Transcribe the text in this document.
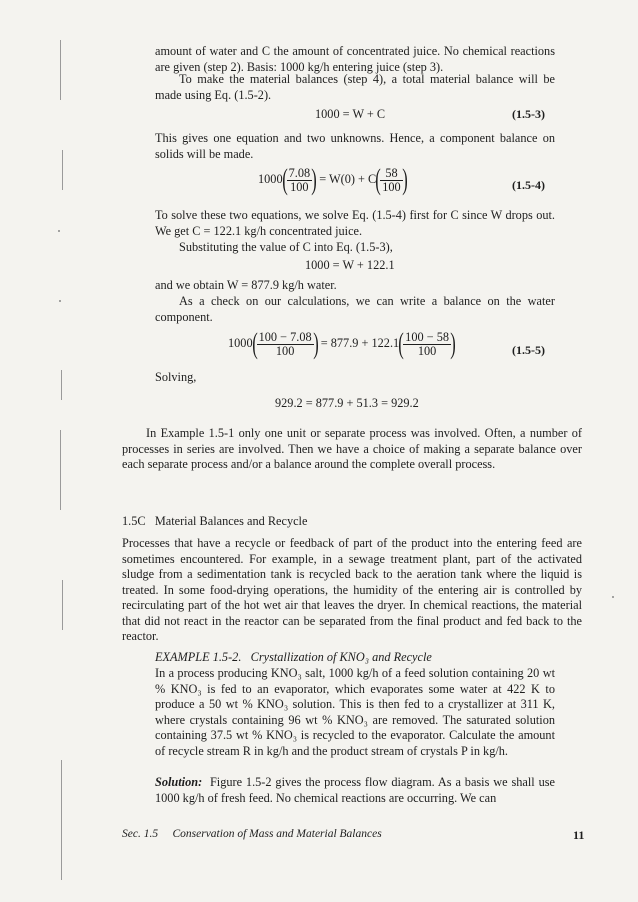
amount of water and C the amount of concentrated juice. No chemical reactions are given (step 2). Basis: 1000 kg/h entering juice (step 3).

To make the material balances (step 4), a total material balance will be made using Eq. (1.5-2).

1000 = W + C	(1.5-3)

This gives one equation and two unknowns. Hence, a component balance on solids will be made.

$1000( \frac{7.08}{100}$ ) = $W(0) + C( \frac{58}{100}$ )	(1.5-4)

To solve these two equations, we solve Eq. (1.5-4) first for C since W drops out. We get C = 122.1 kg/h concentrated juice.

Substituting the value of C into Eq. (1.5-3),

1000 = W + 122.1

and we obtain W = 877.9 kg/h water.

As a check on our calculations, we can write a balance on the water component.

$1000( \frac{100 - 7.08}{100}$ ) = $877.9 + 122.1( \frac{100 - 58}{100}$ )	(1.5-5)
Solving,
929.2 = 877.9 + 51.3 = 929.2

In Example 1.5-1 only one unit or separate process was involved. Often, a number of processes in series are involved. Then we have a choice of making a separate balance over each separate process and/or a balance around the complete overall process.

1.5C Material Balances and Recycle

Processes that have a recycle or feedback of part of the product into the entering feed are sometimes encountered. For example, in a sewage treatment plant, part of the activated sludge from a sedimentation tank is recycled back to the aeration tank where the liquid is treated. In some food-drying operations, the humidity of the entering air is controlled by recirculating part of the hot wet air that leaves the dryer. In chemical reactions, the material that did not react in the reactor can be separated from the final product and fed back to the reactor.

EXAMPLE 1.5-2. Crystallization of KNO₃ and Recycle

In a process producing KNO₃ salt, 1000 kg/h of a feed solution containing 20 wt % KNO₃ is fed to an evaporator, which evaporates some water at 422 K to produce a 50 wt % KNO₃ solution. This is then fed to a crystallizer at 311 K, where crystals containing 96 wt % KNO₃ are removed. The saturated solution containing 37.5 wt % KNO₃ is recycled to the evaporator. Calculate the amount of recycle stream R in kg/h and the product stream of crystals P in kg/h.

Solution: Figure 1.5-2 gives the process flow diagram. As a basis we shall use 1000 kg/h of fresh feed. No chemical reactions are occurring. We can

Sec. 1.5 Conservation of Mass and Material Balances	11
